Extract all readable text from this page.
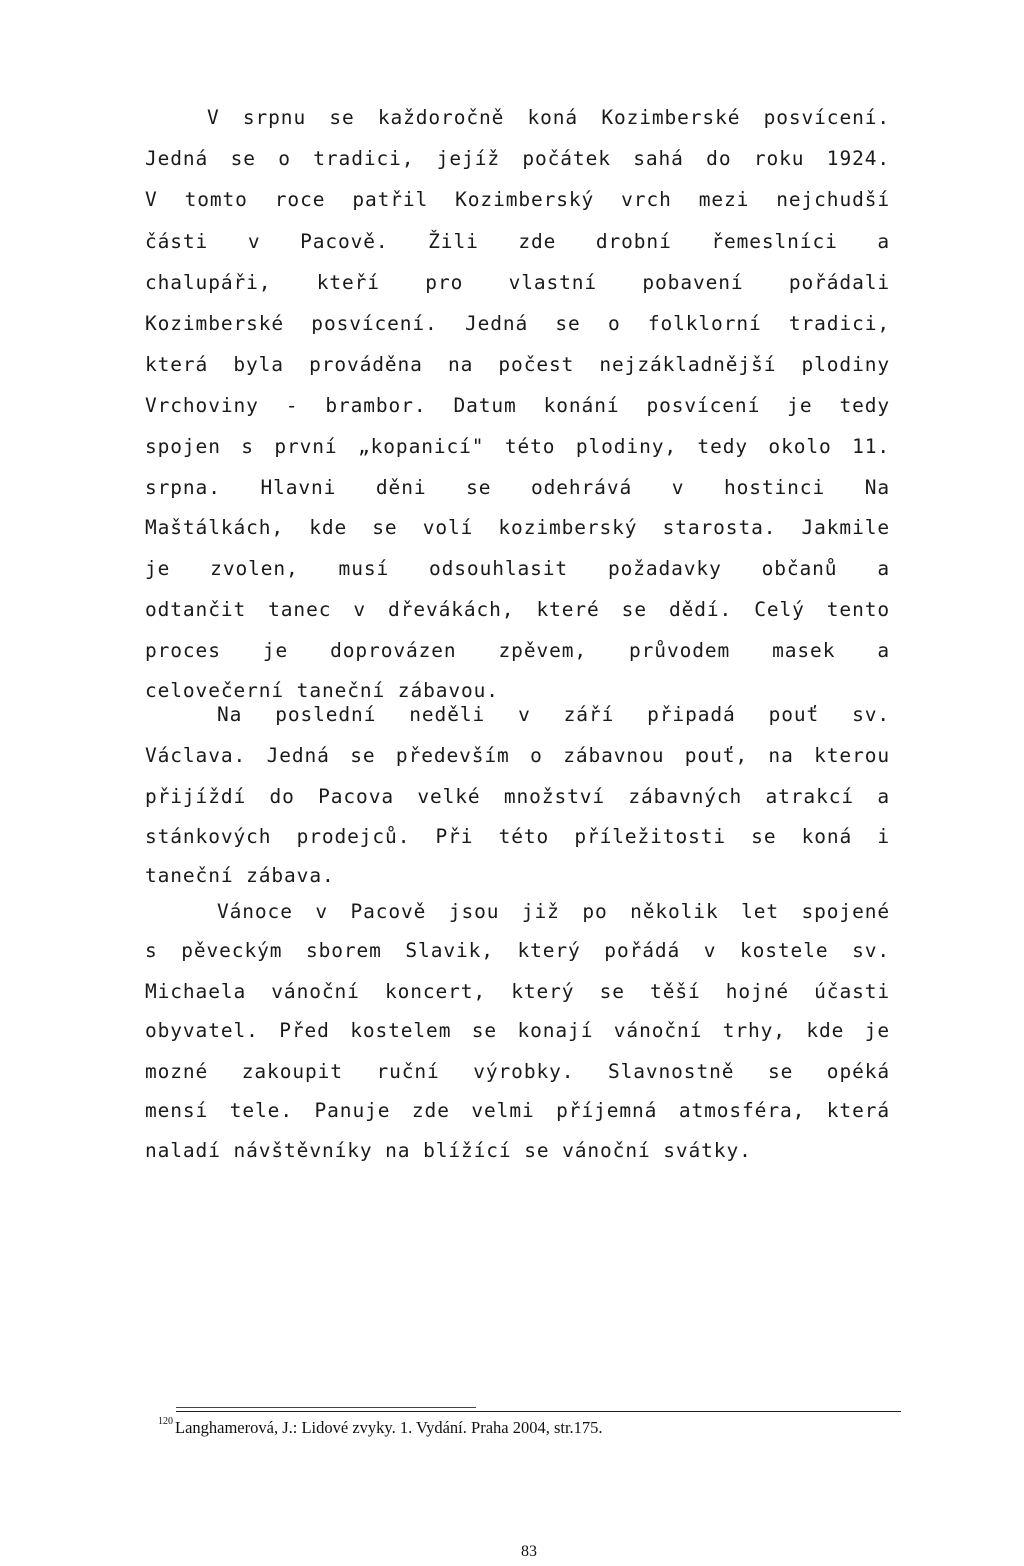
V srpnu se každoročně koná Kozimberské posvícení.
Jedná se o tradici, jejíž počátek sahá do roku 1924.
V tomto roce patřil Kozimberský vrch mezi nejchudší
části v Pacově. Žili zde drobní řemeslníci a
chalupáři, kteří pro vlastní pobavení pořádali
Kozimberské posvícení. Jedná se o folklorní tradici,
která byla prováděna na počest nejzákladnější plodiny
Vrchoviny - brambor. Datum konání posvícení je tedy
spojen s první „kopanicí" této plodiny, tedy okolo 11.
srpna. Hlavni děni se odehrává v hostinci Na
Maštálkách, kde se volí kozimberský starosta. Jakmile
je zvolen, musí odsouhlasit požadavky občanů a
odtančit tanec v dřevákách, které se dědí. Celý tento
proces je doprovázen zpěvem, průvodem masek a
celovečerní taneční zábavou.
Na poslední neděli v září připadá pouť sv.
Václava. Jedná se především o zábavnou pouť, na kterou
přijíždí do Pacova velké množství zábavných atrakcí a
stánkových prodejců. Při této příležitosti se koná i
taneční zábava.
Vánoce v Pacově jsou již po několik let spojené
s pěveckým sborem Slavik, který pořádá v kostele sv.
Michaela vánoční koncert, který se těší hojné účasti
obyvatel. Před kostelem se konají vánoční trhy, kde je
mozné zakoupit ruční výrobky. Slavnostně se opéká
mensí tele. Panuje zde velmi příjemná atmosféra, která
naladí návštěvníky na blížící se vánoční svátky.
$^{120}$ Langhamerová, J.: Lidové zvyky. 1. Vydání. Praha 2004, str.175.
83
